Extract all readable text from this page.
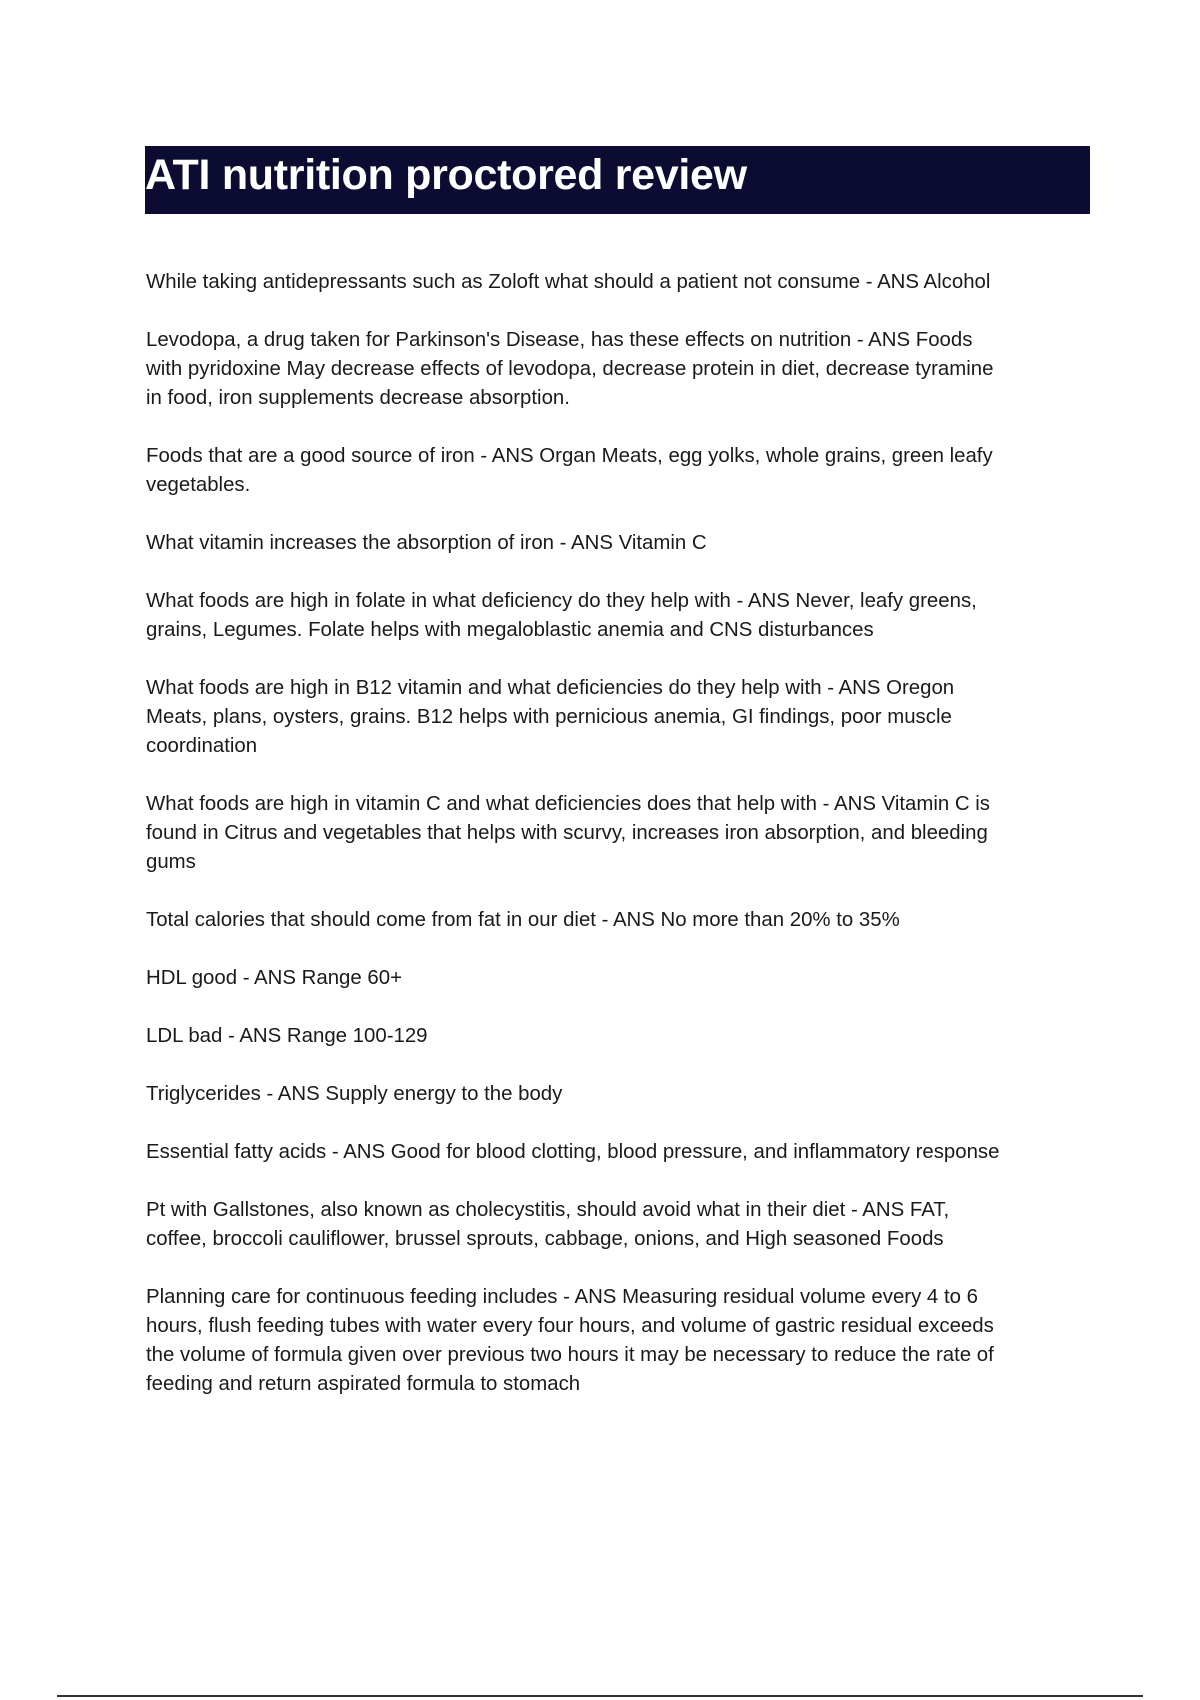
ATI nutrition proctored review

While taking antidepressants such as Zoloft what should a patient not consume - ANS Alcohol

Levodopa, a drug taken for Parkinson's Disease, has these effects on nutrition - ANS Foods
with pyridoxine May decrease effects of levodopa, decrease protein in diet, decrease tyramine
in food, iron supplements decrease absorption.

Foods that are a good source of iron - ANS Organ Meats, egg yolks, whole grains, green leafy
vegetables.

What vitamin increases the absorption of iron - ANS Vitamin C

What foods are high in folate in what deficiency do they help with - ANS Never, leafy greens,
grains, Legumes. Folate helps with megaloblastic anemia and CNS disturbances

What foods are high in B12 vitamin and what deficiencies do they help with - ANS Oregon
Meats, plans, oysters, grains. B12 helps with pernicious anemia, GI findings, poor muscle
coordination

What foods are high in vitamin C and what deficiencies does that help with - ANS Vitamin C is
found in Citrus and vegetables that helps with scurvy, increases iron absorption, and bleeding
gums

Total calories that should come from fat in our diet - ANS No more than 20% to 35%

HDL good - ANS Range 60+

LDL bad - ANS Range 100-129

Triglycerides - ANS Supply energy to the body

Essential fatty acids - ANS Good for blood clotting, blood pressure, and inflammatory response

Pt with Gallstones, also known as cholecystitis, should avoid what in their diet - ANS FAT,
coffee, broccoli cauliflower, brussel sprouts, cabbage, onions, and High seasoned Foods

Planning care for continuous feeding includes - ANS Measuring residual volume every 4 to 6
hours, flush feeding tubes with water every four hours, and volume of gastric residual exceeds
the volume of formula given over previous two hours it may be necessary to reduce the rate of
feeding and return aspirated formula to stomach
